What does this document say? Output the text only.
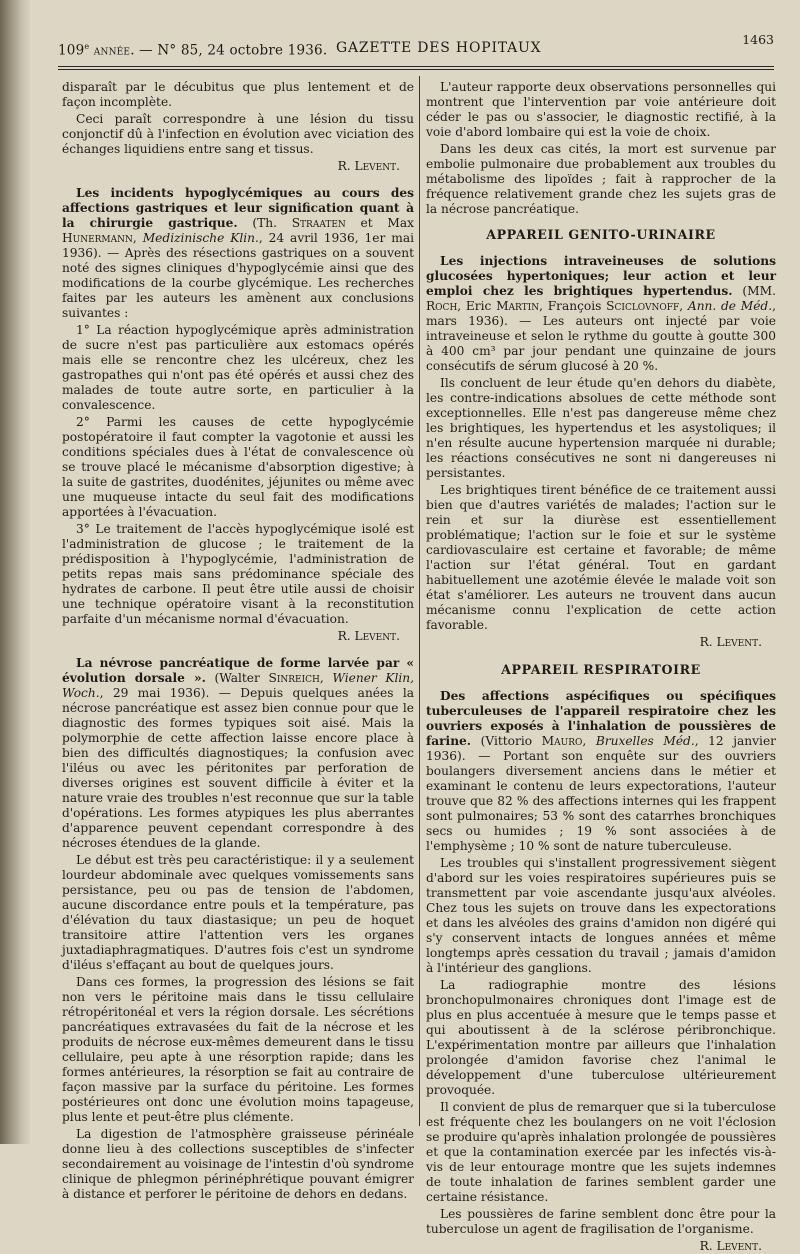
109e année. — N° 85, 24 octobre 1936. GAZETTE DES HOPITAUX
1463

disparaît par le décubitus que plus lentement et de façon incomplète.

Ceci paraît correspondre à une lésion du tissu conjonctif dû à l'infection en évolution avec viciation des échanges liquidiens entre sang et tissus.

R. Levent.

Les incidents hypoglycémiques au cours des affections gastriques et leur signification quant à la chirurgie gastrique. (Th. Straaten et Max Hunermann, Medizinische Klin., 24 avril 1936, 1er mai 1936). — Après des résections gastriques on a souvent noté des signes cliniques d'hypoglycémie ainsi que des modifications de la courbe glycémique. Les recherches faites par les auteurs les amènent aux conclusions suivantes :

1° La réaction hypoglycémique après administration de sucre n'est pas particulière aux estomacs opérés mais elle se rencontre chez les ulcéreux, chez les gastropathes qui n'ont pas été opérés et aussi chez des malades de toute autre sorte, en particulier à la convalescence.

2° Parmi les causes de cette hypoglycémie postopératoire il faut compter la vagotonie et aussi les conditions spéciales dues à l'état de convalescence où se trouve placé le mécanisme d'absorption digestive; à la suite de gastrites, duodénites, jéjunites ou même avec une muqueuse intacte du seul fait des modifications apportées à l'évacuation.

3° Le traitement de l'accès hypoglycémique isolé est l'administration de glucose ; le traitement de la prédisposition à l'hypoglycémie, l'administration de petits repas mais sans prédominance spéciale des hydrates de carbone. Il peut être utile aussi de choisir une technique opératoire visant à la reconstitution parfaite d'un mécanisme normal d'évacuation.

R. Levent.

La névrose pancréatique de forme larvée par « évolution dorsale ». (Walter Sinreich, Wiener Klin, Woch., 29 mai 1936). — Depuis quelques anées la nécrose pancréatique est assez bien connue pour que le diagnostic des formes typiques soit aisé. Mais la polymorphie de cette affection laisse encore place à bien des difficultés diagnostiques; la confusion avec l'iléus ou avec les péritonites par perforation de diverses origines est souvent difficile à éviter et la nature vraie des troubles n'est reconnue que sur la table d'opérations. Les formes atypiques les plus aberrantes d'apparence peuvent cependant correspondre à des nécroses étendues de la glande.

Le début est très peu caractéristique: il y a seulement lourdeur abdominale avec quelques vomissements sans persistance, peu ou pas de tension de l'abdomen, aucune discordance entre pouls et la température, pas d'élévation du taux diastasique; un peu de hoquet transitoire attire l'attention vers les organes juxtadiaphragmatiques. D'autres fois c'est un syndrome d'iléus s'effaçant au bout de quelques jours.

Dans ces formes, la progression des lésions se fait non vers le péritoine mais dans le tissu cellulaire rétropéritonéal et vers la région dorsale. Les sécrétions pancréatiques extravasées du fait de la nécrose et les produits de nécrose eux-mêmes demeurent dans le tissu cellulaire, peu apte à une résorption rapide; dans les formes antérieures, la résorption se fait au contraire de façon massive par la surface du péritoine. Les formes postérieures ont donc une évolution moins tapageuse, plus lente et peut-être plus clémente.

La digestion de l'atmosphère graisseuse périnéale donne lieu à des collections susceptibles de s'infecter secondairement au voisinage de l'intestin d'où syndrome clinique de phlegmon périnéphrétique pouvant émigrer à distance et perforer le péritoine de dehors en dedans.

L'auteur rapporte deux observations personnelles qui montrent que l'intervention par voie antérieure doit céder le pas ou s'associer, le diagnostic rectifié, à la voie d'abord lombaire qui est la voie de choix.

Dans les deux cas cités, la mort est survenue par embolie pulmonaire due probablement aux troubles du métabolisme des lipoïdes ; fait à rapprocher de la fréquence relativement grande chez les sujets gras de la nécrose pancréatique.

APPAREIL GENITO-URINAIRE

Les injections intraveineuses de solutions glucosées hypertoniques; leur action et leur emploi chez les brightiques hypertendus. (MM. Roch, Eric Martin, François Sciclovnoff, Ann. de Méd., mars 1936). — Les auteurs ont injecté par voie intraveineuse et selon le rythme du goutte à goutte 300 à 400 cm³ par jour pendant une quinzaine de jours consécutifs de sérum glucosé à 20 %.

Ils concluent de leur étude qu'en dehors du diabète, les contre-indications absolues de cette méthode sont exceptionnelles. Elle n'est pas dangereuse même chez les brightiques, les hypertendus et les asystoliques; il n'en résulte aucune hypertension marquée ni durable; les réactions consécutives ne sont ni dangereuses ni persistantes.

Les brightiques tirent bénéfice de ce traitement aussi bien que d'autres variétés de malades; l'action sur le rein et sur la diurèse est essentiellement problématique; l'action sur le foie et sur le système cardiovasculaire est certaine et favorable; de même l'action sur l'état général. Tout en gardant habituellement une azotémie élevée le malade voit son état s'améliorer. Les auteurs ne trouvent dans aucun mécanisme connu l'explication de cette action favorable.

R. Levent.

APPAREIL RESPIRATOIRE

Des affections aspécifiques ou spécifiques tuberculeuses de l'appareil respiratoire chez les ouvriers exposés à l'inhalation de poussières de farine. (Vittorio Mauro, Bruxelles Méd., 12 janvier 1936). — Portant son enquête sur des ouvriers boulangers diversement anciens dans le métier et examinant le contenu de leurs expectorations, l'auteur trouve que 82 % des affections internes qui les frappent sont pulmonaires; 53 % sont des catarrhes bronchiques secs ou humides ; 19 % sont associées à de l'emphysème ; 10 % sont de nature tuberculeuse.

Les troubles qui s'installent progressivement siègent d'abord sur les voies respiratoires supérieures puis se transmettent par voie ascendante jusqu'aux alvéoles. Chez tous les sujets on trouve dans les expectorations et dans les alvéoles des grains d'amidon non digéré qui s'y conservent intacts de longues années et même longtemps après cessation du travail ; jamais d'amidon à l'intérieur des ganglions.

La radiographie montre des lésions bronchopulmonaires chroniques dont l'image est de plus en plus accentuée à mesure que le temps passe et qui aboutissent à de la sclérose péribronchique. L'expérimentation montre par ailleurs que l'inhalation prolongée d'amidon favorise chez l'animal le développement d'une tuberculose ultérieurement provoquée.

Il convient de plus de remarquer que si la tuberculose est fréquente chez les boulangers on ne voit l'éclosion se produire qu'après inhalation prolongée de poussières et que la contamination exercée par les infectés vis-à-vis de leur entourage montre que les sujets indemnes de toute inhalation de farines semblent garder une certaine résistance.

Les poussières de farine semblent donc être pour la tuberculose un agent de fragilisation de l'organisme.

R. Levent.
